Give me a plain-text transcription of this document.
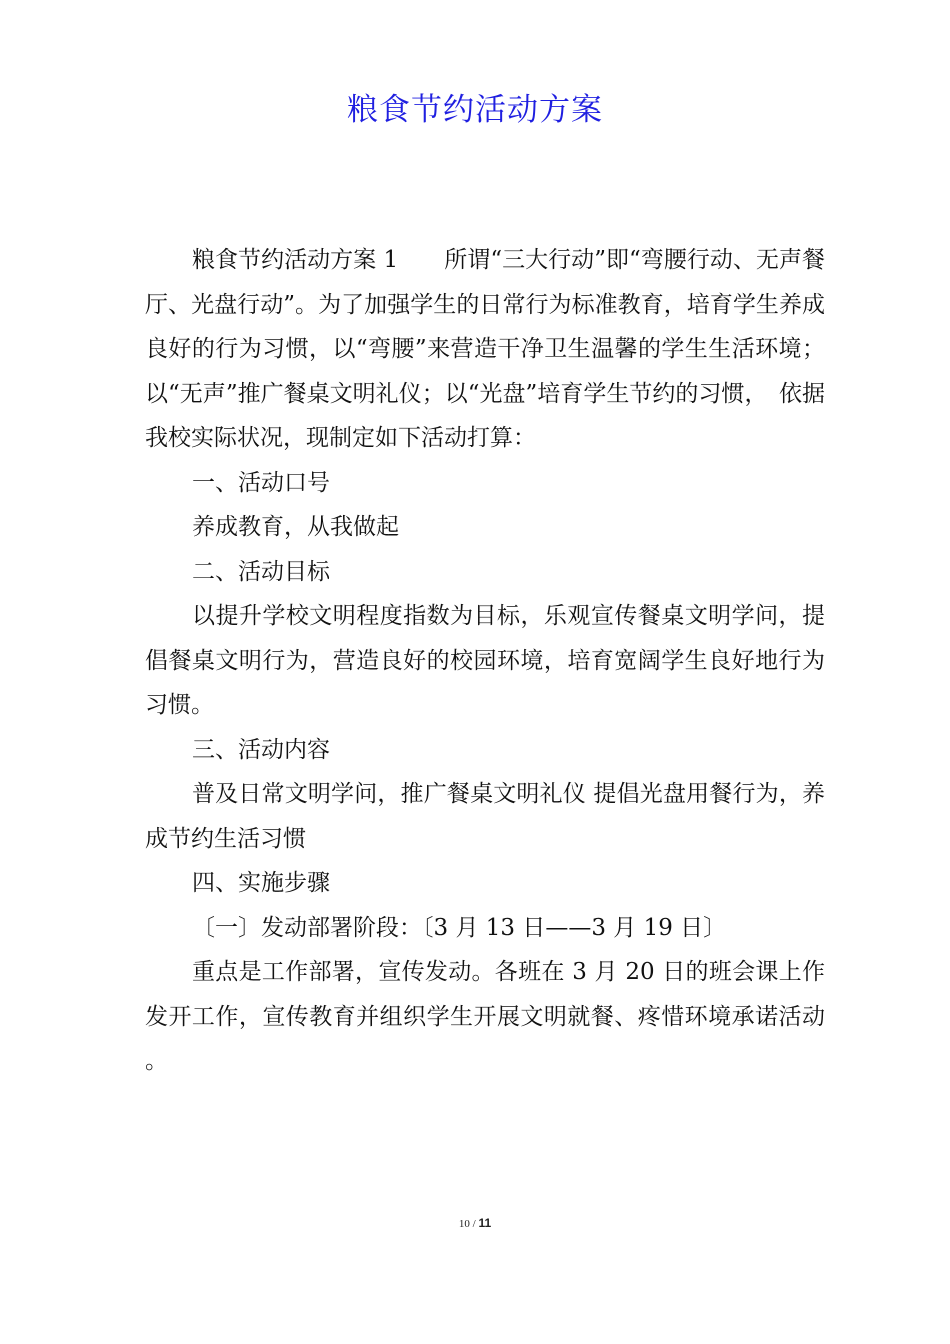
粮食节约活动方案

粮食节约活动方案 1　　所谓“三大行动”即“弯腰行动、无声餐厅、光盘行动”。为了加强学生的日常行为标准教育，培育学生养成良好的行为习惯，以“弯腰”来营造干净卫生温馨的学生生活环境；以“无声”推广餐桌文明礼仪；以“光盘”培育学生节约的习惯，　依据我校实际状况，现制定如下活动打算：

一、活动口号

养成教育，从我做起

二、活动目标

以提升学校文明程度指数为目标，乐观宣传餐桌文明学问，提倡餐桌文明行为，营造良好的校园环境，培育宽阔学生良好地行为习惯。

三、活动内容

普及日常文明学问，推广餐桌文明礼仪 提倡光盘用餐行为，养成节约生活习惯

四、实施步骤

〔一〕发动部署阶段：〔3 月 13 日——3 月 19 日〕

重点是工作部署，宣传发动。各班在 3 月 20 日的班会课上作发开工作，宣传教育并组织学生开展文明就餐、疼惜环境承诺活动 。

10 / 11
